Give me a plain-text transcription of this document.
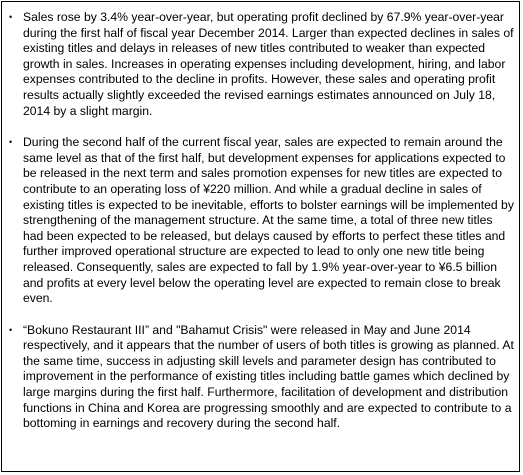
• Sales rose by 3.4% year-over-year, but operating profit declined by 67.9% year-over-year during the first half of fiscal year December 2014. Larger than expected declines in sales of existing titles and delays in releases of new titles contributed to weaker than expected growth in sales. Increases in operating expenses including development, hiring, and labor expenses contributed to the decline in profits. However, these sales and operating profit results actually slightly exceeded the revised earnings estimates announced on July 18, 2014 by a slight margin.
• During the second half of the current fiscal year, sales are expected to remain around the same level as that of the first half, but development expenses for applications expected to be released in the next term and sales promotion expenses for new titles are expected to contribute to an operating loss of ¥220 million. And while a gradual decline in sales of existing titles is expected to be inevitable, efforts to bolster earnings will be implemented by strengthening of the management structure. At the same time, a total of three new titles had been expected to be released, but delays caused by efforts to perfect these titles and further improved operational structure are expected to lead to only one new title being released. Consequently, sales are expected to fall by 1.9% year-over-year to ¥6.5 billion and profits at every level below the operating level are expected to remain close to break even.
• “Bokuno Restaurant III” and "Bahamut Crisis" were released in May and June 2014 respectively, and it appears that the number of users of both titles is growing as planned. At the same time, success in adjusting skill levels and parameter design has contributed to improvement in the performance of existing titles including battle games which declined by large margins during the first half. Furthermore, facilitation of development and distribution functions in China and Korea are progressing smoothly and are expected to contribute to a bottoming in earnings and recovery during the second half.
